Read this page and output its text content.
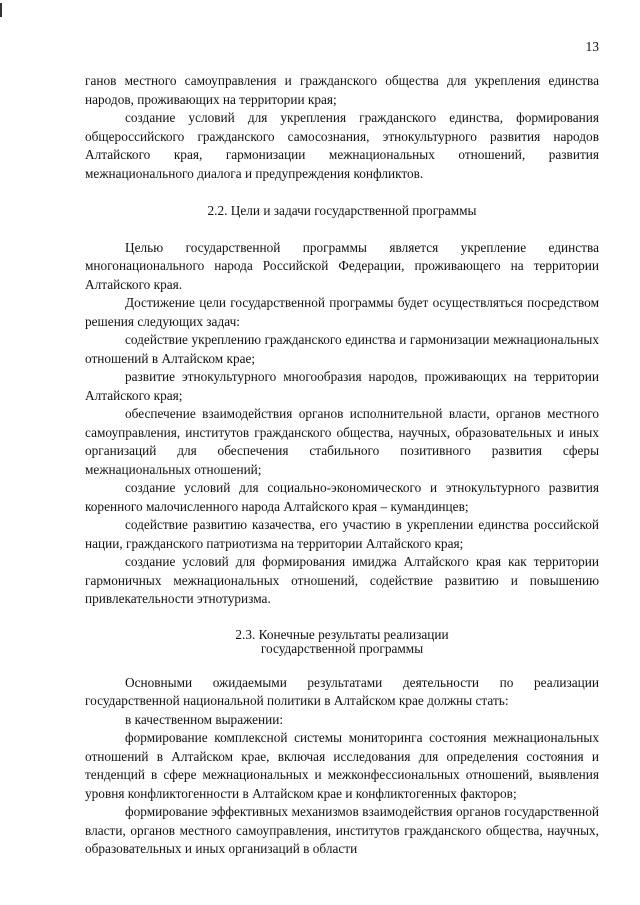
13

ганов местного самоуправления и гражданского общества для укрепления единства народов, проживающих на территории края;

создание условий для укрепления гражданского единства, формирования общероссийского гражданского самосознания, этнокультурного развития народов Алтайского края, гармонизации межнациональных отношений, развития межнационального диалога и предупреждения конфликтов.

2.2. Цели и задачи государственной программы

Целью государственной программы является укрепление единства многонационального народа Российской Федерации, проживающего на территории Алтайского края.

Достижение цели государственной программы будет осуществляться посредством решения следующих задач:

содействие укреплению гражданского единства и гармонизации межнациональных отношений в Алтайском крае;

развитие этнокультурного многообразия народов, проживающих на территории Алтайского края;

обеспечение взаимодействия органов исполнительной власти, органов местного самоуправления, институтов гражданского общества, научных, образовательных и иных организаций для обеспечения стабильного позитивного развития сферы межнациональных отношений;

создание условий для социально-экономического и этнокультурного развития коренного малочисленного народа Алтайского края – кумандинцев;

содействие развитию казачества, его участию в укреплении единства российской нации, гражданского патриотизма на территории Алтайского края;

создание условий для формирования имиджа Алтайского края как территории гармоничных межнациональных отношений, содействие развитию и повышению привлекательности этнотуризма.

2.3. Конечные результаты реализации
государственной программы

Основными ожидаемыми результатами деятельности по реализации государственной национальной политики в Алтайском крае должны стать:

в качественном выражении:

формирование комплексной системы мониторинга состояния межнациональных отношений в Алтайском крае, включая исследования для определения состояния и тенденций в сфере межнациональных и межконфессиональных отношений, выявления уровня конфликтогенности в Алтайском крае и конфликтогенных факторов;

формирование эффективных механизмов взаимодействия органов государственной власти, органов местного самоуправления, институтов гражданского общества, научных, образовательных и иных организаций в области
